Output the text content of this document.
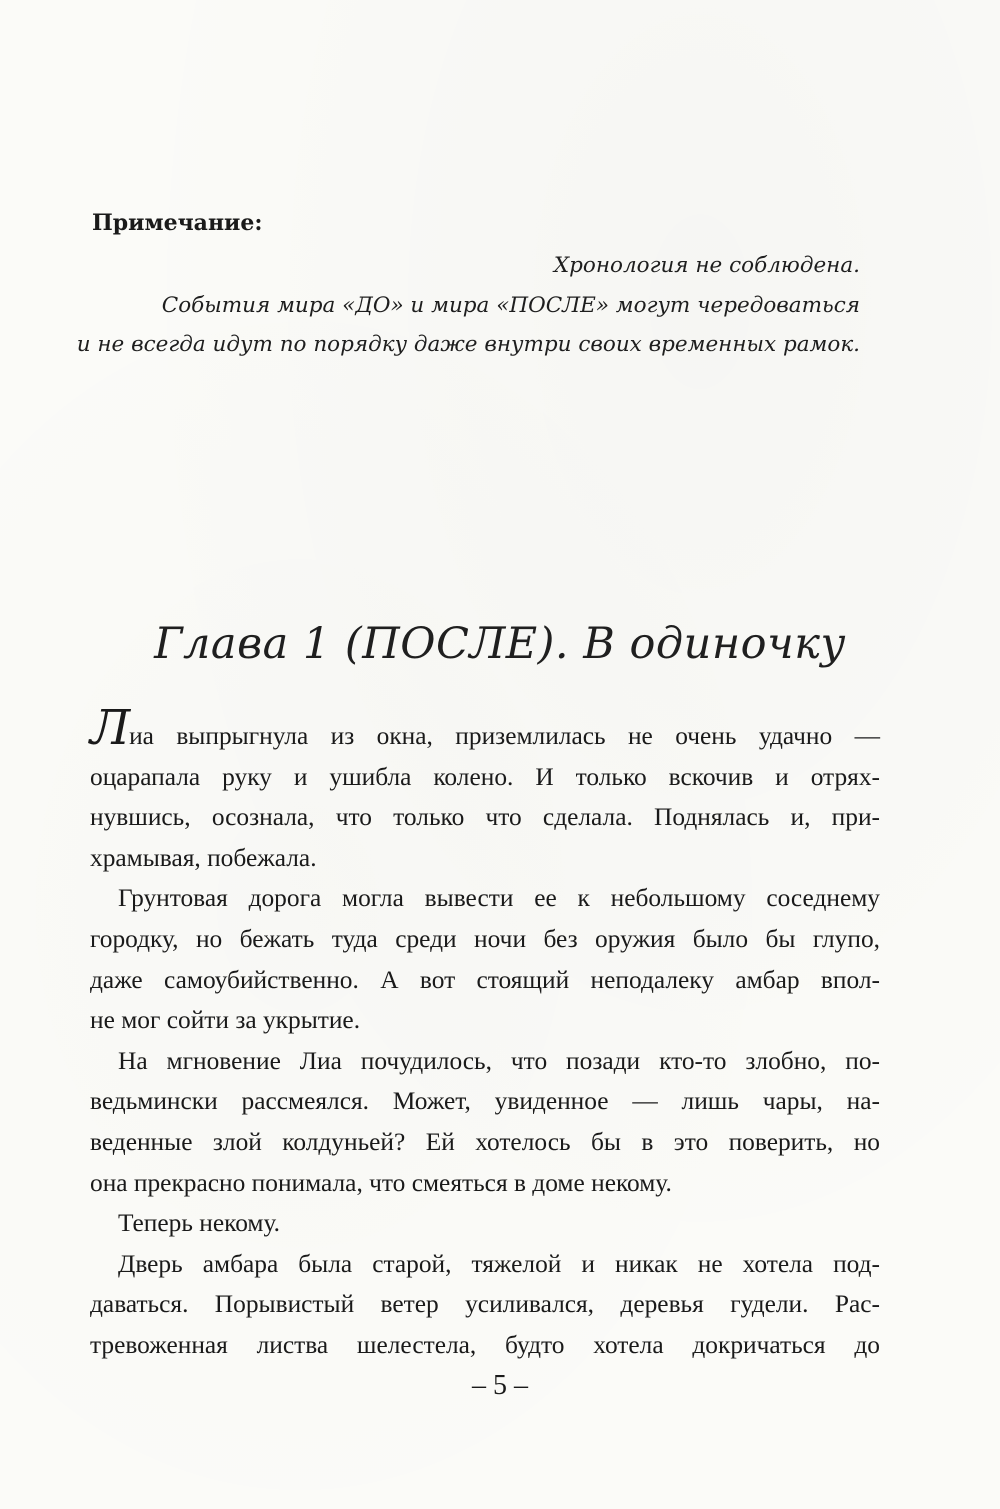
Примечание:
Хронология не соблюдена.
События мира «ДО» и мира «ПОСЛЕ» могут чередоваться
и не всегда идут по порядку даже внутри своих временных рамок.
Глава 1 (ПОСЛЕ). В одиночку

Лиа выпрыгнула из окна, приземлилась не очень удачно —
оцарапала руку и ушибла колено. И только вскочив и отрях-
нувшись, осознала, что только что сделала. Поднялась и, при-
храмывая, побежала.

Грунтовая дорога могла вывести ее к небольшому соседнему
городку, но бежать туда среди ночи без оружия было бы глупо,
даже самоубийственно. А вот стоящий неподалеку амбар впол-
не мог сойти за укрытие.

На мгновение Лиа почудилось, что позади кто-то злобно, по-
ведьмински рассмеялся. Может, увиденное — лишь чары, на-
веденные злой колдуньей? Ей хотелось бы в это поверить, но
она прекрасно понимала, что смеяться в доме некому.

Теперь некому.

Дверь амбара была старой, тяжелой и никак не хотела под-
даваться. Порывистый ветер усиливался, деревья гудели. Рас-
тревоженная листва шелестела, будто хотела докричаться до

– 5 –
